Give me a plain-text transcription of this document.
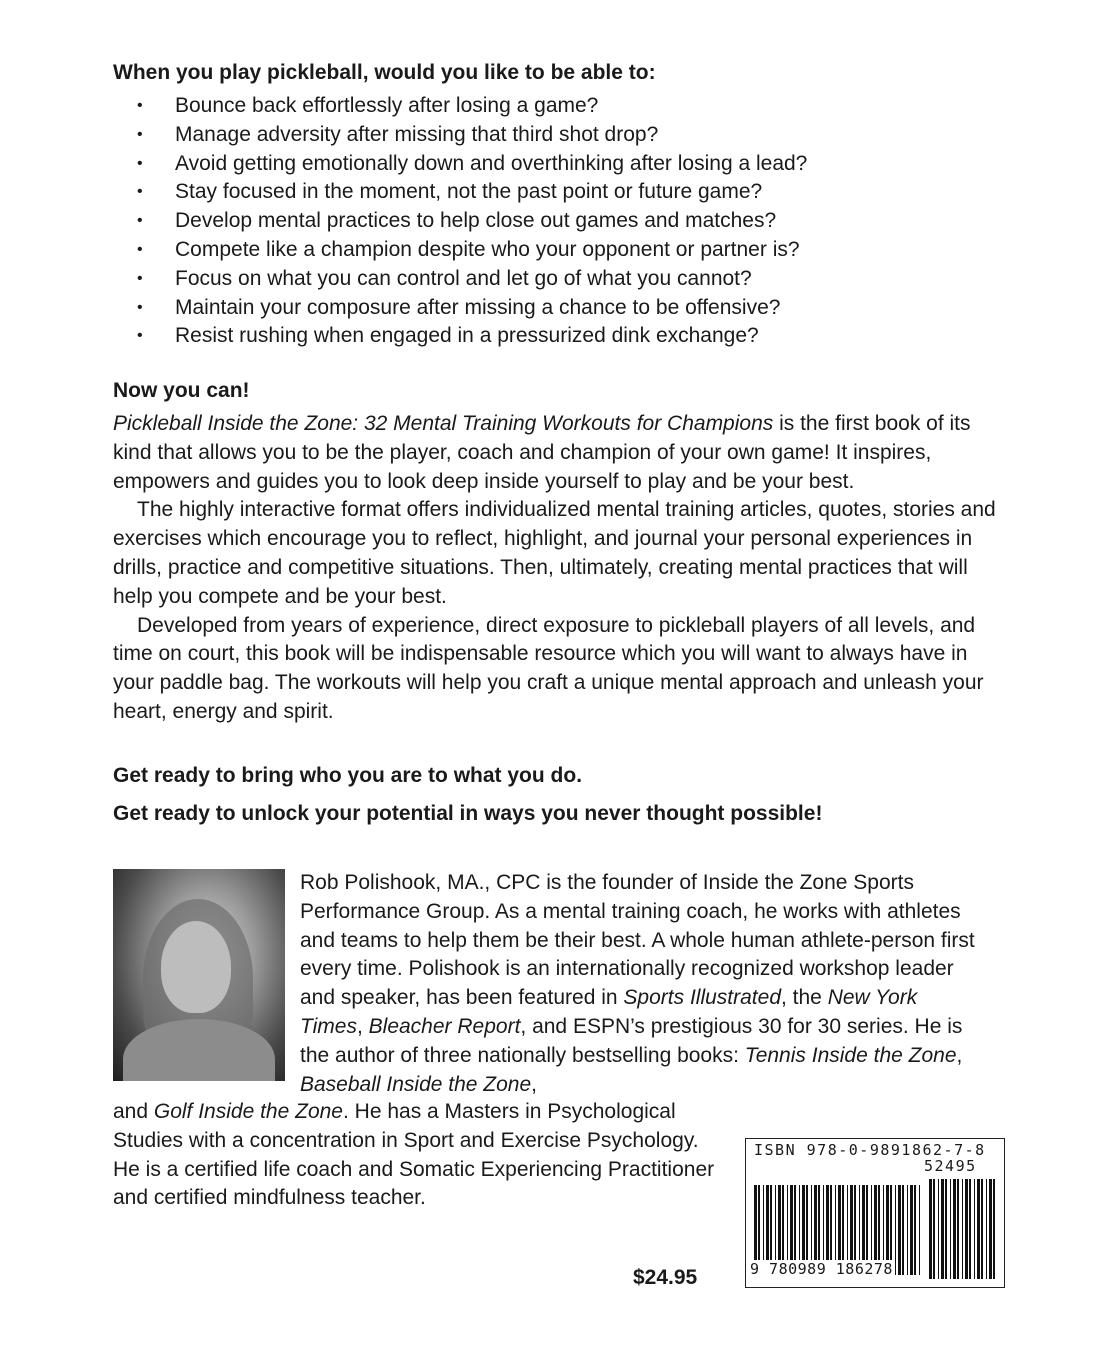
When you play pickleball, would you like to be able to:

• Bounce back effortlessly after losing a game?
• Manage adversity after missing that third shot drop?
• Avoid getting emotionally down and overthinking after losing a lead?
• Stay focused in the moment, not the past point or future game?
• Develop mental practices to help close out games and matches?
• Compete like a champion despite who your opponent or partner is?
• Focus on what you can control and let go of what you cannot?
• Maintain your composure after missing a chance to be offensive?
• Resist rushing when engaged in a pressurized dink exchange?

Now you can!

Pickleball Inside the Zone: 32 Mental Training Workouts for Champions is the first book of its kind that allows you to be the player, coach and champion of your own game! It inspires, empowers and guides you to look deep inside yourself to play and be your best.

The highly interactive format offers individualized mental training articles, quotes, stories and exercises which encourage you to reflect, highlight, and journal your personal experiences in drills, practice and competitive situations. Then, ultimately, creating mental practices that will help you compete and be your best.

Developed from years of experience, direct exposure to pickleball players of all levels, and time on court, this book will be indispensable resource which you will want to always have in your paddle bag. The workouts will help you craft a unique mental approach and unleash your heart, energy and spirit.

Get ready to bring who you are to what you do.

Get ready to unlock your potential in ways you never thought possible!

Rob Polishook, MA., CPC is the founder of Inside the Zone Sports Performance Group. As a mental training coach, he works with athletes and teams to help them be their best. A whole human athlete-person first every time. Polishook is an internationally recognized workshop leader and speaker, has been featured in Sports Illustrated, the New York Times, Bleacher Report, and ESPN’s prestigious 30 for 30 series. He is the author of three nationally bestselling books: Tennis Inside the Zone, Baseball Inside the Zone,
and Golf Inside the Zone. He has a Masters in Psychological Studies with a concentration in Sport and Exercise Psychology. He is a certified life coach and Somatic Experiencing Practitioner and certified mindfulness teacher.
$24.95
ISBN 978-0-9891862-7-8
52495
9 780989 186278
